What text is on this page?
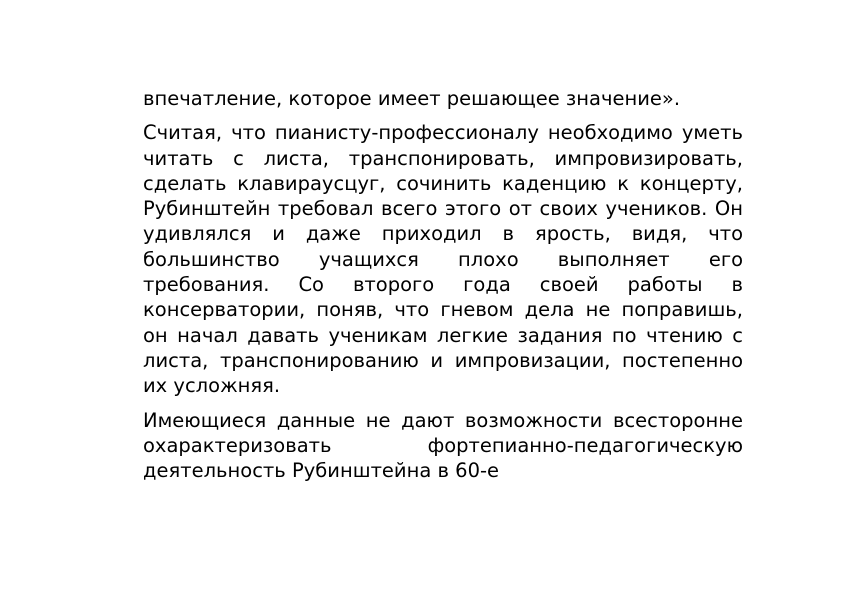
впечатление, которое имеет решающее значение».

Считая, что пианисту-профессионалу необходимо уметь читать с листа, транспонировать, импровизировать, сделать клавираусцуг, сочинить каденцию к концерту, Рубинштейн требовал всего этого от своих учеников. Он удивлялся и даже приходил в ярость, видя, что большинство учащихся плохо выполняет его требования. Со второго года своей работы в консерватории, поняв, что гневом дела не поправишь, он начал давать ученикам легкие задания по чтению с листа, транспонированию и импровизации, постепенно их усложняя.

Имеющиеся данные не дают возможности всесторонне охарактеризовать фортепианно-педагогическую деятельность Рубинштейна в 60-е
